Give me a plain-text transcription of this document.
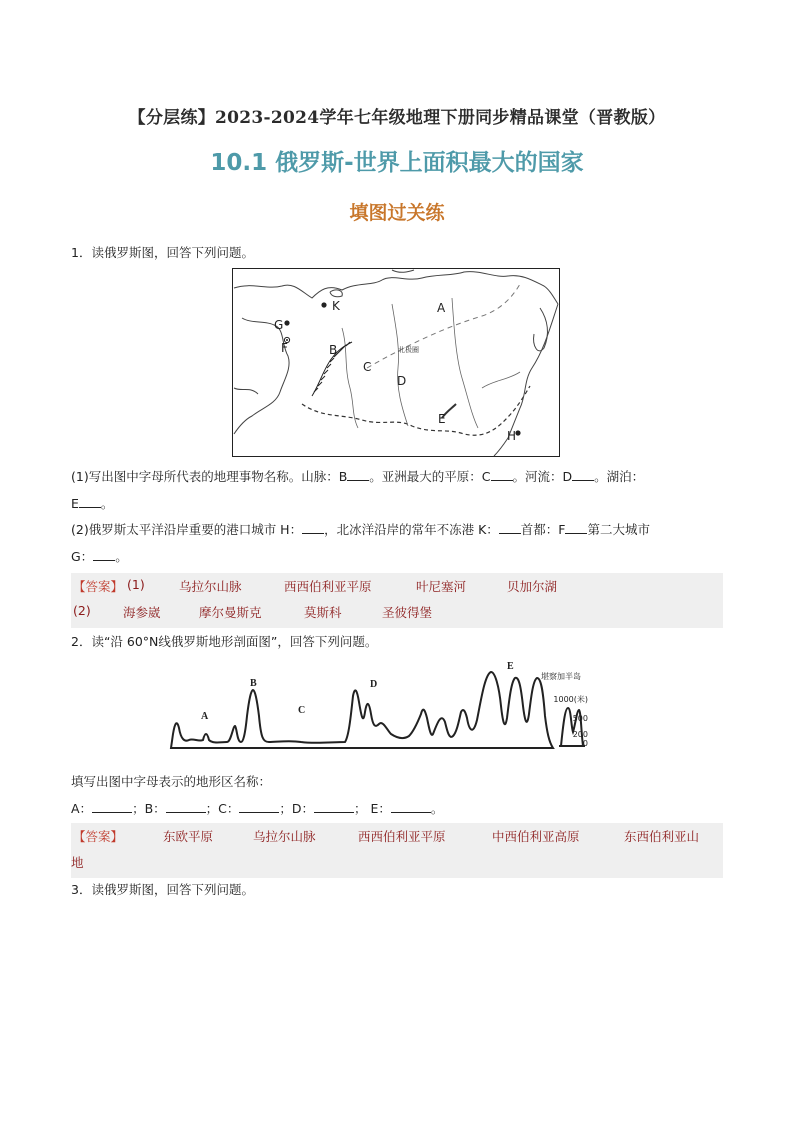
【分层练】2023-2024学年七年级地理下册同步精品课堂（晋教版）
10.1 俄罗斯-世界上面积最大的国家
填图过关练
1．读俄罗斯图，回答下列问题。
A
B
C
D
E
F
G
H
K
北极圈
(1)写出图中字母所代表的地理事物名称。山脉：B 。亚洲最大的平原：C 。河流：D 。湖泊：
E 。
(2)俄罗斯太平洋沿岸重要的港口城市 H： ，北冰洋沿岸的常年不冻港 K： 首都：F 第二大城市
G： 。
【答案】 (1)	乌拉尔山脉	西西伯利亚平原	叶尼塞河	贝加尔湖
(2)	海参崴	摩尔曼斯克	莫斯科	圣彼得堡
2．读“沿 60°N线俄罗斯地形剖面图”，回答下列问题。
A
B
C
D
E
堪察加半岛
1000(米)
500
200
0
填写出图中字母表示的地形区名称：
A：	；B：	；C：	；D：	； E：	。
【答案】	东欧平原	乌拉尔山脉	西西伯利亚平原	中西伯利亚高原	东西伯利亚山
地
3．读俄罗斯图，回答下列问题。
